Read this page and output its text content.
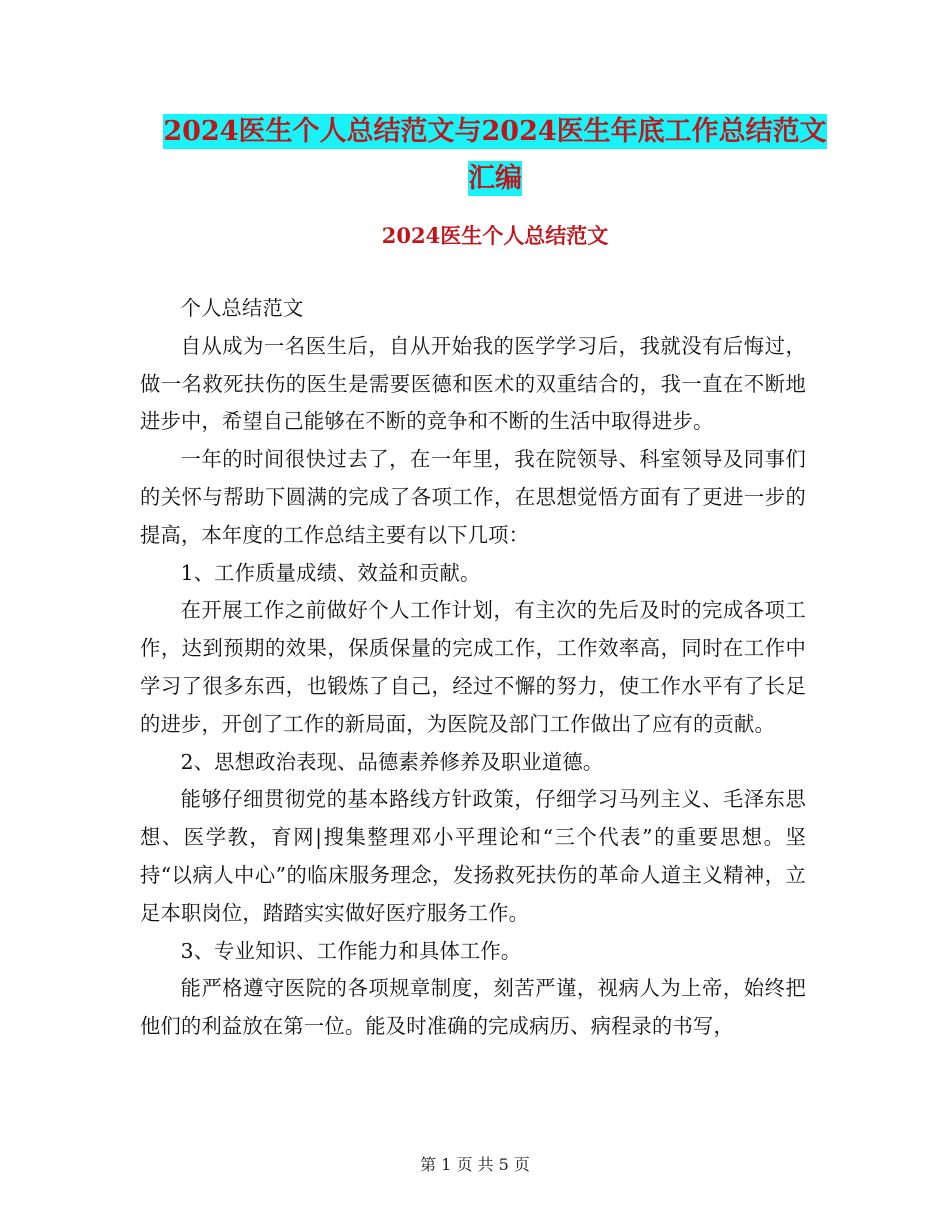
2024医生个人总结范文与2024医生年底工作总结范文
汇编
2024医生个人总结范文

个人总结范文

自从成为一名医生后，自从开始我的医学学习后，我就没有后悔过，做一名救死扶伤的医生是需要医德和医术的双重结合的，我一直在不断地进步中，希望自己能够在不断的竞争和不断的生活中取得进步。

一年的时间很快过去了，在一年里，我在院领导、科室领导及同事们的关怀与帮助下圆满的完成了各项工作，在思想觉悟方面有了更进一步的提高，本年度的工作总结主要有以下几项：

1、工作质量成绩、效益和贡献。

在开展工作之前做好个人工作计划，有主次的先后及时的完成各项工作，达到预期的效果，保质保量的完成工作，工作效率高，同时在工作中学习了很多东西，也锻炼了自己，经过不懈的努力，使工作水平有了长足的进步，开创了工作的新局面，为医院及部门工作做出了应有的贡献。

2、思想政治表现、品德素养修养及职业道德。

能够仔细贯彻党的基本路线方针政策，仔细学习马列主义、毛泽东思想、医学教，育网|搜集整理邓小平理论和“三个代表”的重要思想。坚持“以病人中心”的临床服务理念，发扬救死扶伤的革命人道主义精神，立足本职岗位，踏踏实实做好医疗服务工作。

3、专业知识、工作能力和具体工作。

能严格遵守医院的各项规章制度，刻苦严谨，视病人为上帝，始终把他们的利益放在第一位。能及时准确的完成病历、病程录的书写，

第 1 页 共 5 页
